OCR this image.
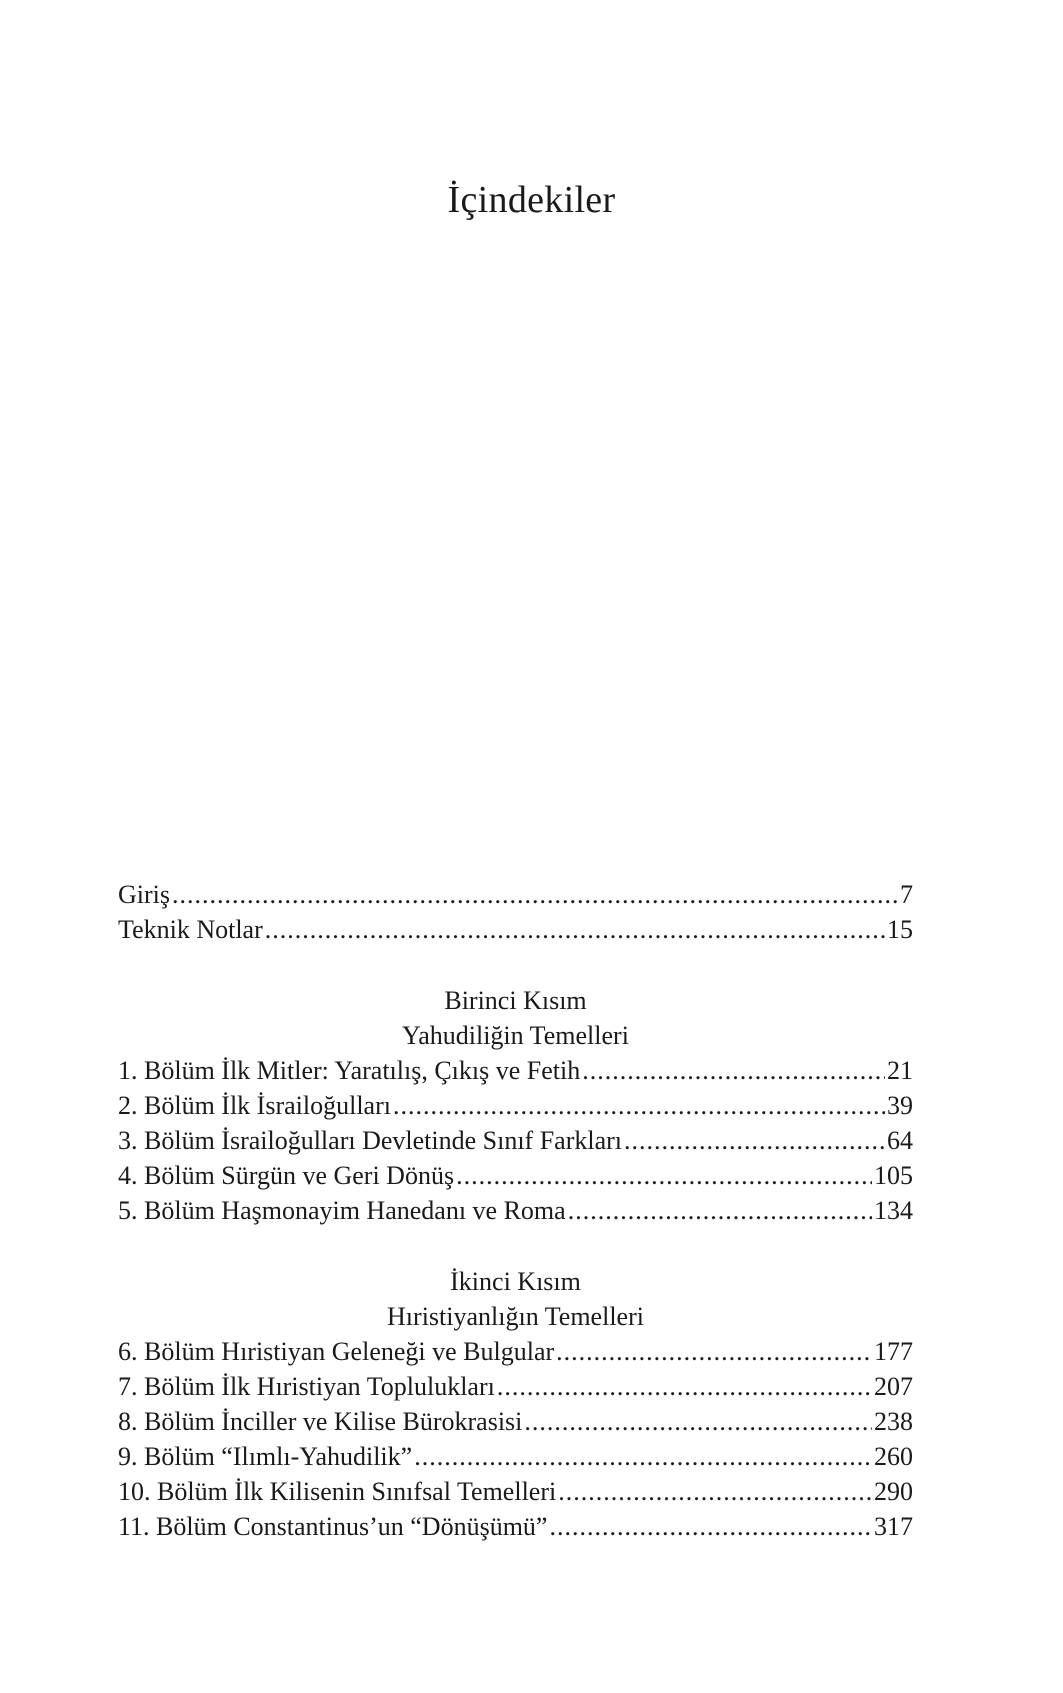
İçindekiler
Giriş .....	7
Teknik Notlar .....	15
Birinci Kısım
Yahudiliğin Temelleri
1. Bölüm İlk Mitler: Yaratılış, Çıkış ve Fetih .....	21
2. Bölüm İlk İsrailoğulları .....	39
3. Bölüm İsrailoğulları Devletinde Sınıf Farkları .....	64
4. Bölüm Sürgün ve Geri Dönüş .....	105
5. Bölüm Haşmonayim Hanedanı ve Roma .....	134
İkinci Kısım
Hıristiyanlığın Temelleri
6. Bölüm Hıristiyan Geleneği ve Bulgular .....	177
7. Bölüm İlk Hıristiyan Toplulukları .....	207
8. Bölüm İnciller ve Kilise Bürokrasisi .....	238
9. Bölüm “Ilımlı-Yahudilik” .....	260
10. Bölüm İlk Kilisenin Sınıfsal Temelleri .....	290
11. Bölüm Constantinus’un “Dönüşümü” .....	317
